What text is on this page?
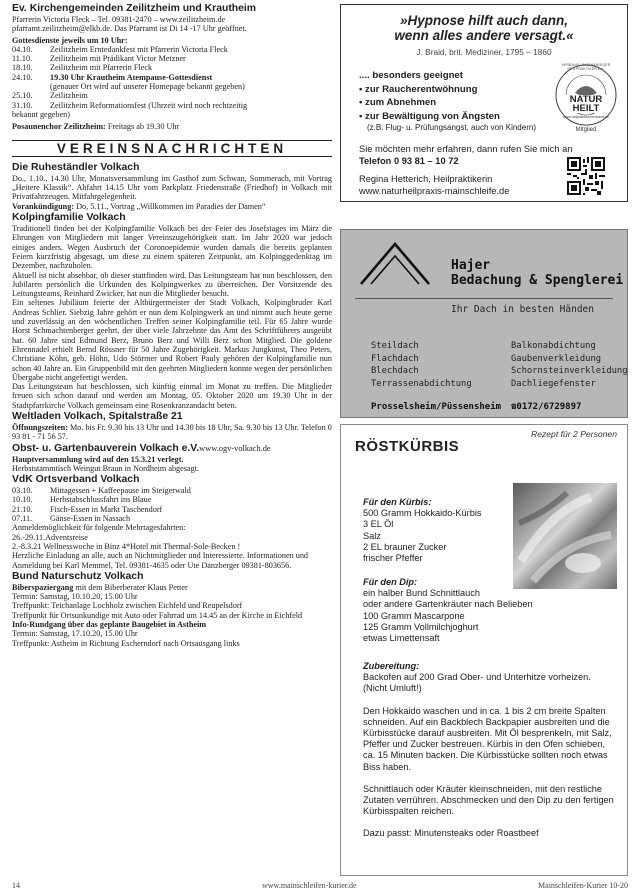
Ev. Kirchengemeinden Zeilitzheim und Krautheim

Pfarrerin Victoria Fleck – Tel. 09381-2470 – www.zeilitzheim.de

pfarramt.zeilitzheim@elkb.de. Das Pfarramt ist Di 14 -17 Uhr geöffnet.

Gottesdienste jeweils um 10 Uhr:

04.10.	Zeilitzheim Erntedankfest mit Pfarrerin Victoria Fleck
11.10.	Zeilitzheim mit Prädikant Victor Metzner
18.10.	Zeilitzheim mit Pfarrerin Fleck
24.10.	19.30 Uhr Krautheim Atempause-Gottesdienst
(genauer Ort wird auf unserer Homepage bekannt gegeben)
25.10.	Zeilitzheim
31.10.	Zeilitzheim Reformationsfest (Uhrzeit wird noch rechtzeitig

bekannt gegeben)

Posaunenchor Zeilitzheim: Freitags ab 19.30 Uhr

VEREINSNACHRICHTEN

Die Ruheständler Volkach

Do., 1.10., 14.30 Uhr, Monatsversammlung im Gasthof zum Schwan, Sommerach, mit Vortrag „Heitere Klassik“. Abfahrt 14.15 Uhr vom Parkplatz Friedenstraße (Friedhof) in Volkach mit Privatfahrzeugen. Mitfahrgelegenheit.

Vorankündigung: Do, 5.11., Vortrag „Willkommen im Paradies der Damen“

Kolpingfamilie Volkach

Traditionell finden bei der Kolpingfamilie Volkach bei der Feier des Josefstages im März die Ehrungen von Mitgliedern mit langer Vereinszugehörigkeit statt. Im Jahr 2020 war jedoch einiges anders. Wegen Ausbruch der Coronoepidemie wurden damals die bereits geplanten Feiern kurzfristig abgesagt, um diese zu einem späteren Zeitpunkt, am Kolpinggedenktag im Dezember, nachzuholen.

Aktuell ist nicht absehbar, ob dieser stattfinden wird. Das Leitungsteam hat nun beschlossen, den Jubilaren persönlich die Urkunden des Kolpingwerkes zu überreichen. Der Vorsitzende des Leitungsteams, Reinhard Zwicker, hat nun die Mitglieder besucht.

Ein seltenes Jubiläum feierte der Altbürgermeister der Stadt Volkach, Kolpingbruder Karl Andreas Schlier. Siebzig Jahre gehört er nun dem Kolpingwerk an und nimmt auch heute gerne und zuverlässig an den wöchentlichen Treffen seiner Kolpingfamilie teil. Für 65 Jahre wurde Horst Schmachtenberger geehrt, der über viele Jahrzehnte das Amt des Schriftführers ausgeübt hat. 60 Jahre sind Edmund Berz, Bruno Berz und Willi Berz schon Mitglied. Die goldene Ehrennadel erhielt Bernd Rössner für 50 Jahre Zugehörigkeit. Markus Jungkunst, Theo Peters, Christiane Köhn, geb. Höhn, Udo Störmer und Robert Pauly gehören der Kolpingfamilie nun schon 40 Jahre an. Ein Gruppenbild mit den geehrten Mitgliedern konnte wegen der persönlichen Übergabe nicht angefertigt werden.

Das Leitungsteam hat beschlossen, sich künftig einmal im Monat zu treffen. Die Mitglieder freuen sich schon darauf und werden am Montag, 05. Oktober 2020 um 19.30 Uhr in der Stadtpfarrkirche Volkach gemeinsam eine Rosenkranzandacht beten.

Weltladen Volkach, Spitalstraße 21

Öffnungszeiten: Mo. bis Fr. 9.30 bis 13 Uhr und 14.30 bis 18 Uhr, Sa. 9.30 bis 13 Uhr. Telefon 0 93 81 - 71 56 57.

Obst- u. Gartenbauverein Volkach e.V.www.ogv-volkach.de

Hauptversammlung wird auf den 15.3.21 verlegt.

Herbststammtisch Weingut Braun in Nordheim abgesagt.

VdK Ortsverband Volkach

03.10.	Mittagessen + Kaffeepause im Steigerwald
10.10.	Herbstabschlussfahrt ins Blaue
21.10.	Fisch-Essen in Markt Taschendorf
07.11.	Gänse-Essen in Nassach

Anmeldemöglichkeit für folgende Mehrtagesfahrten:

26.-29.11.Adventsreise

2.-8.3.21 Wellnesswoche in Binz 4*Hotel mit Thermal-Sole-Becken !

Herzliche Einladung an alle, auch an Nichtmitglieder und Interessierte. Informationen und Anmeldung bei Karl Memmel, Tel. 09381-4635 oder Ute Danzberger 09381-803656.

Bund Naturschutz Volkach

Biberspaziergang mit dem Biberberater Klaus Petter

Termin: Samstag, 10.10.20, 15.00 Uhr

Treffpunkt: Teichanlage Lochholz zwischen Eichfeld und Reupelsdorf

Treffpunkt für Ortsunkundige mit Auto oder Fahrrad um 14.45 an der Kirche in Eichfeld

Info-Rundgang über das geplante Baugebiet in Astheim

Termin: Samstag, 17.10.20, 15.00 Uhr

Treffpunkt: Astheim in Richtung Escherndorf nach Ortsausgang links

»Hypnose hilft auch dann,
wenn alles andere versagt.«
J. Braid, brit. Mediziner, 1795 – 1860
.... besonders geeignet
• zur Raucherentwöhnung
• zum Abnehmen
• zur Bewältigung von Ängsten
(z.B. Flug- u. Prüfungsangst, auch von Kindern)
VERBAND UNABHÄNGIGER HEILPRAKTIKER e.V.
NATUR
HEILT
www.heilpraktikerverband.de
Mitglied
Sie möchten mehr erfahren, dann rufen Sie mich an
Telefon 0 93 81 – 10 72
Regina Hetterich, Heilpraktikerin
www.naturheilpraxis-mainschleife.de
Hajer
Bedachung & Spenglerei
Ihr Dach in besten Händen
Steildach
Flachdach
Blechdach
Terrassenabdichtung
Balkonabdichtung
Gaubenverkleidung
Schornsteinverkleidung
Dachliegefenster
Prosselsheim/Püssensheim ☎0172/6729897
Rezept für 2 Personen
RÖSTKÜRBIS
Für den Kürbis:
500 Gramm Hokkaido-Kürbis
3 EL Öl
Salz
2 EL brauner Zucker
frischer Pfeffer
Für den Dip:
ein halber Bund Schnittlauch
oder andere Gartenkräuter nach Belieben
100 Gramm Mascarpone
125 Gramm Vollmilchjoghurt
etwas Limettensaft
Zubereitung:
Backofen auf 200 Grad Ober- und Unterhitze vorheizen. (Nicht Umluft!)
Den Hokkaido waschen und in ca. 1 bis 2 cm breite Spalten schneiden. Auf ein Backblech Backpapier ausbreiten und die Kürbisstücke darauf ausbreiten. Mit Öl besprenkeln, mit Salz, Pfeffer und Zucker bestreuen. Kürbis in den Ofen schieben, ca. 15 Minuten backen. Die Kürbisstücke sollten noch etwas Biss haben.
Schnittlauch oder Kräuter kleinschneiden, mit den restliche Zutaten verrühren. Abschmecken und den Dip zu den fertigen Kürbisspalten reichen.
Dazu passt: Minutensteaks oder Roastbeef
14	www.mainschleifen-kurier.de	Mainschleifen-Kurier 10-20
